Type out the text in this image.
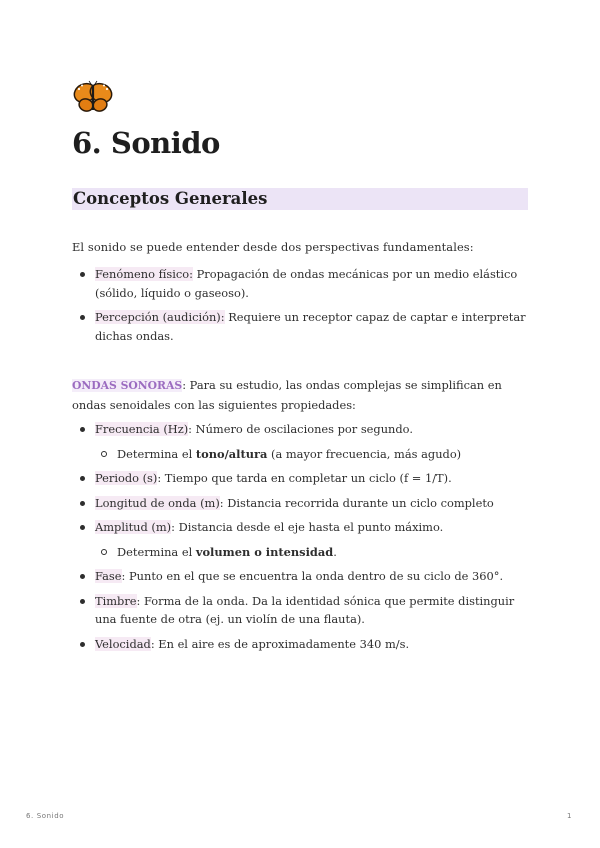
6. Sonido
Conceptos Generales

El sonido se puede entender desde dos perspectivas fundamentales:

Fenómeno físico: Propagación de ondas mecánicas por un medio elástico (sólido, líquido o gaseoso).
Percepción (audición): Requiere un receptor capaz de captar e interpretar dichas ondas.

ONDAS SONORAS: Para su estudio, las ondas complejas se simplifican en ondas senoidales con las siguientes propiedades:

Frecuencia (Hz): Número de oscilaciones por segundo.
Determina el tono/altura (a mayor frecuencia, más agudo)
Periodo (s): Tiempo que tarda en completar un ciclo (f = 1/T).
Longitud de onda (m): Distancia recorrida durante un ciclo completo
Amplitud (m): Distancia desde el eje hasta el punto máximo.
Determina el volumen o intensidad.
Fase: Punto en el que se encuentra la onda dentro de su ciclo de 360°.
Timbre: Forma de la onda. Da la identidad sónica que permite distinguir una fuente de otra (ej. un violín de una flauta).
Velocidad: En el aire es de aproximadamente 340 m/s.
6. Sonido	1
